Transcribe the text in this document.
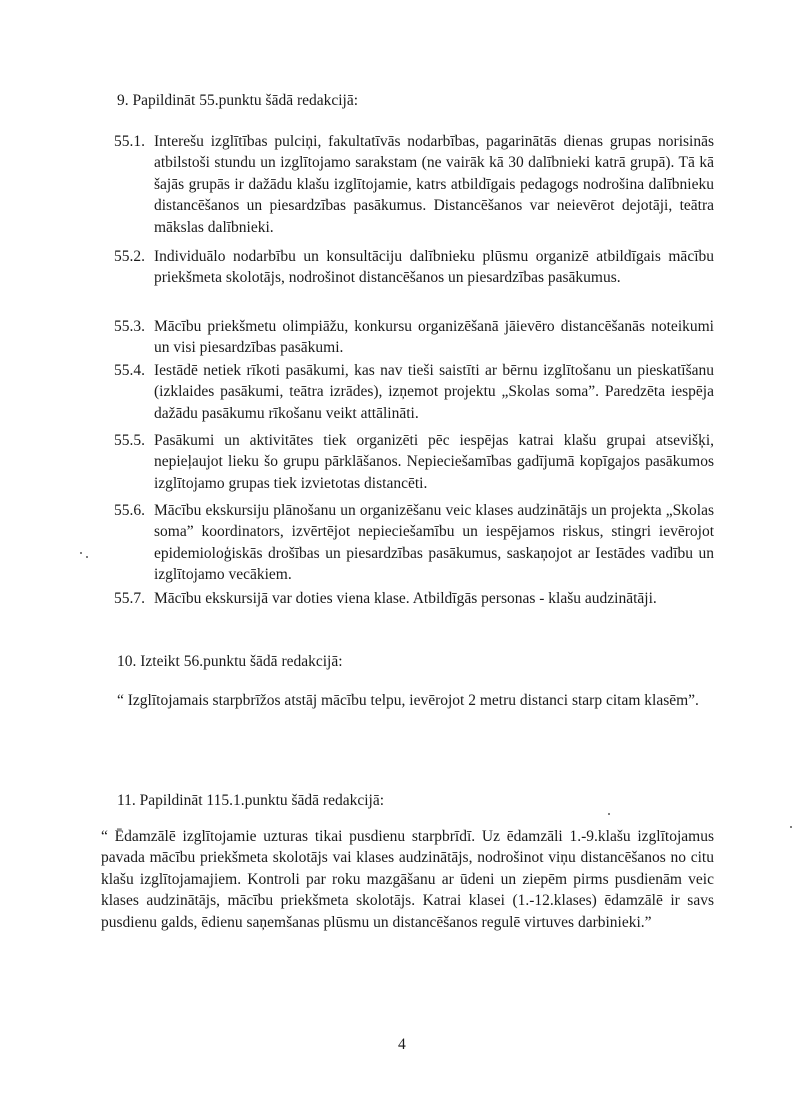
9. Papildināt 55.punktu šādā redakcijā:
55.1. Interešu izglītības pulciņi, fakultatīvās nodarbības, pagarinātās dienas grupas norisinās atbilstoši stundu un izglītojamo sarakstam (ne vairāk kā 30 dalībnieki katrā grupā). Tā kā šajās grupās ir dažādu klašu izglītojamie, katrs atbildīgais pedagogs nodrošina dalībnieku distancēšanos un piesardzības pasākumus. Distancēšanos var neievērot dejotāji, teātra mākslas dalībnieki.
55.2. Individuālo nodarbību un konsultāciju dalībnieku plūsmu organizē atbildīgais mācību priekšmeta skolotājs, nodrošinot distancēšanos un piesardzības pasākumus.
55.3. Mācību priekšmetu olimpiāžu, konkursu organizēšanā jāievēro distancēšanās noteikumi un visi piesardzības pasākumi.
55.4. Iestādē netiek rīkoti pasākumi, kas nav tieši saistīti ar bērnu izglītošanu un pieskatīšanu (izklaides pasākumi, teātra izrādes), izņemot projektu „Skolas soma”. Paredzēta iespēja dažādu pasākumu rīkošanu veikt attālināti.
55.5. Pasākumi un aktivitātes tiek organizēti pēc iespējas katrai klašu grupai atsevišķi, nepieļaujot lieku šo grupu pārklāšanos. Nepieciešamības gadījumā kopīgajos pasākumos izglītojamo grupas tiek izvietotas distancēti.
55.6. Mācību ekskursiju plānošanu un organizēšanu veic klases audzinātājs un projekta „Skolas soma” koordinators, izvērtējot nepieciešamību un iespējamos riskus, stingri ievērojot epidemioloģiskās drošības un piesardzības pasākumus, saskaņojot ar Iestādes vadību un izglītojamo vecākiem.
55.7. Mācību ekskursijā var doties viena klase. Atbildīgās personas - klašu audzinātāji.
10. Izteikt 56.punktu šādā redakcijā:
“ Izglītojamais starpbrīžos atstāj mācību telpu, ievērojot 2 metru distanci starp citam klasēm”.
11. Papildināt 115.1.punktu šādā redakcijā:
“ Ēdamzālē izglītojamie uzturas tikai pusdienu starpbrīdī. Uz ēdamzāli 1.-9.klašu izglītojamus pavada mācību priekšmeta skolotājs vai klases audzinātājs, nodrošinot viņu distancēšanos no citu klašu izglītojamajiem. Kontroli par roku mazgāšanu ar ūdeni un ziepēm pirms pusdienām veic klases audzinātājs, mācību priekšmeta skolotājs. Katrai klasei (1.-12.klases) ēdamzālē ir savs pusdienu galds, ēdienu saņemšanas plūsmu un distancēšanos regulē virtuves darbinieki.”
4
